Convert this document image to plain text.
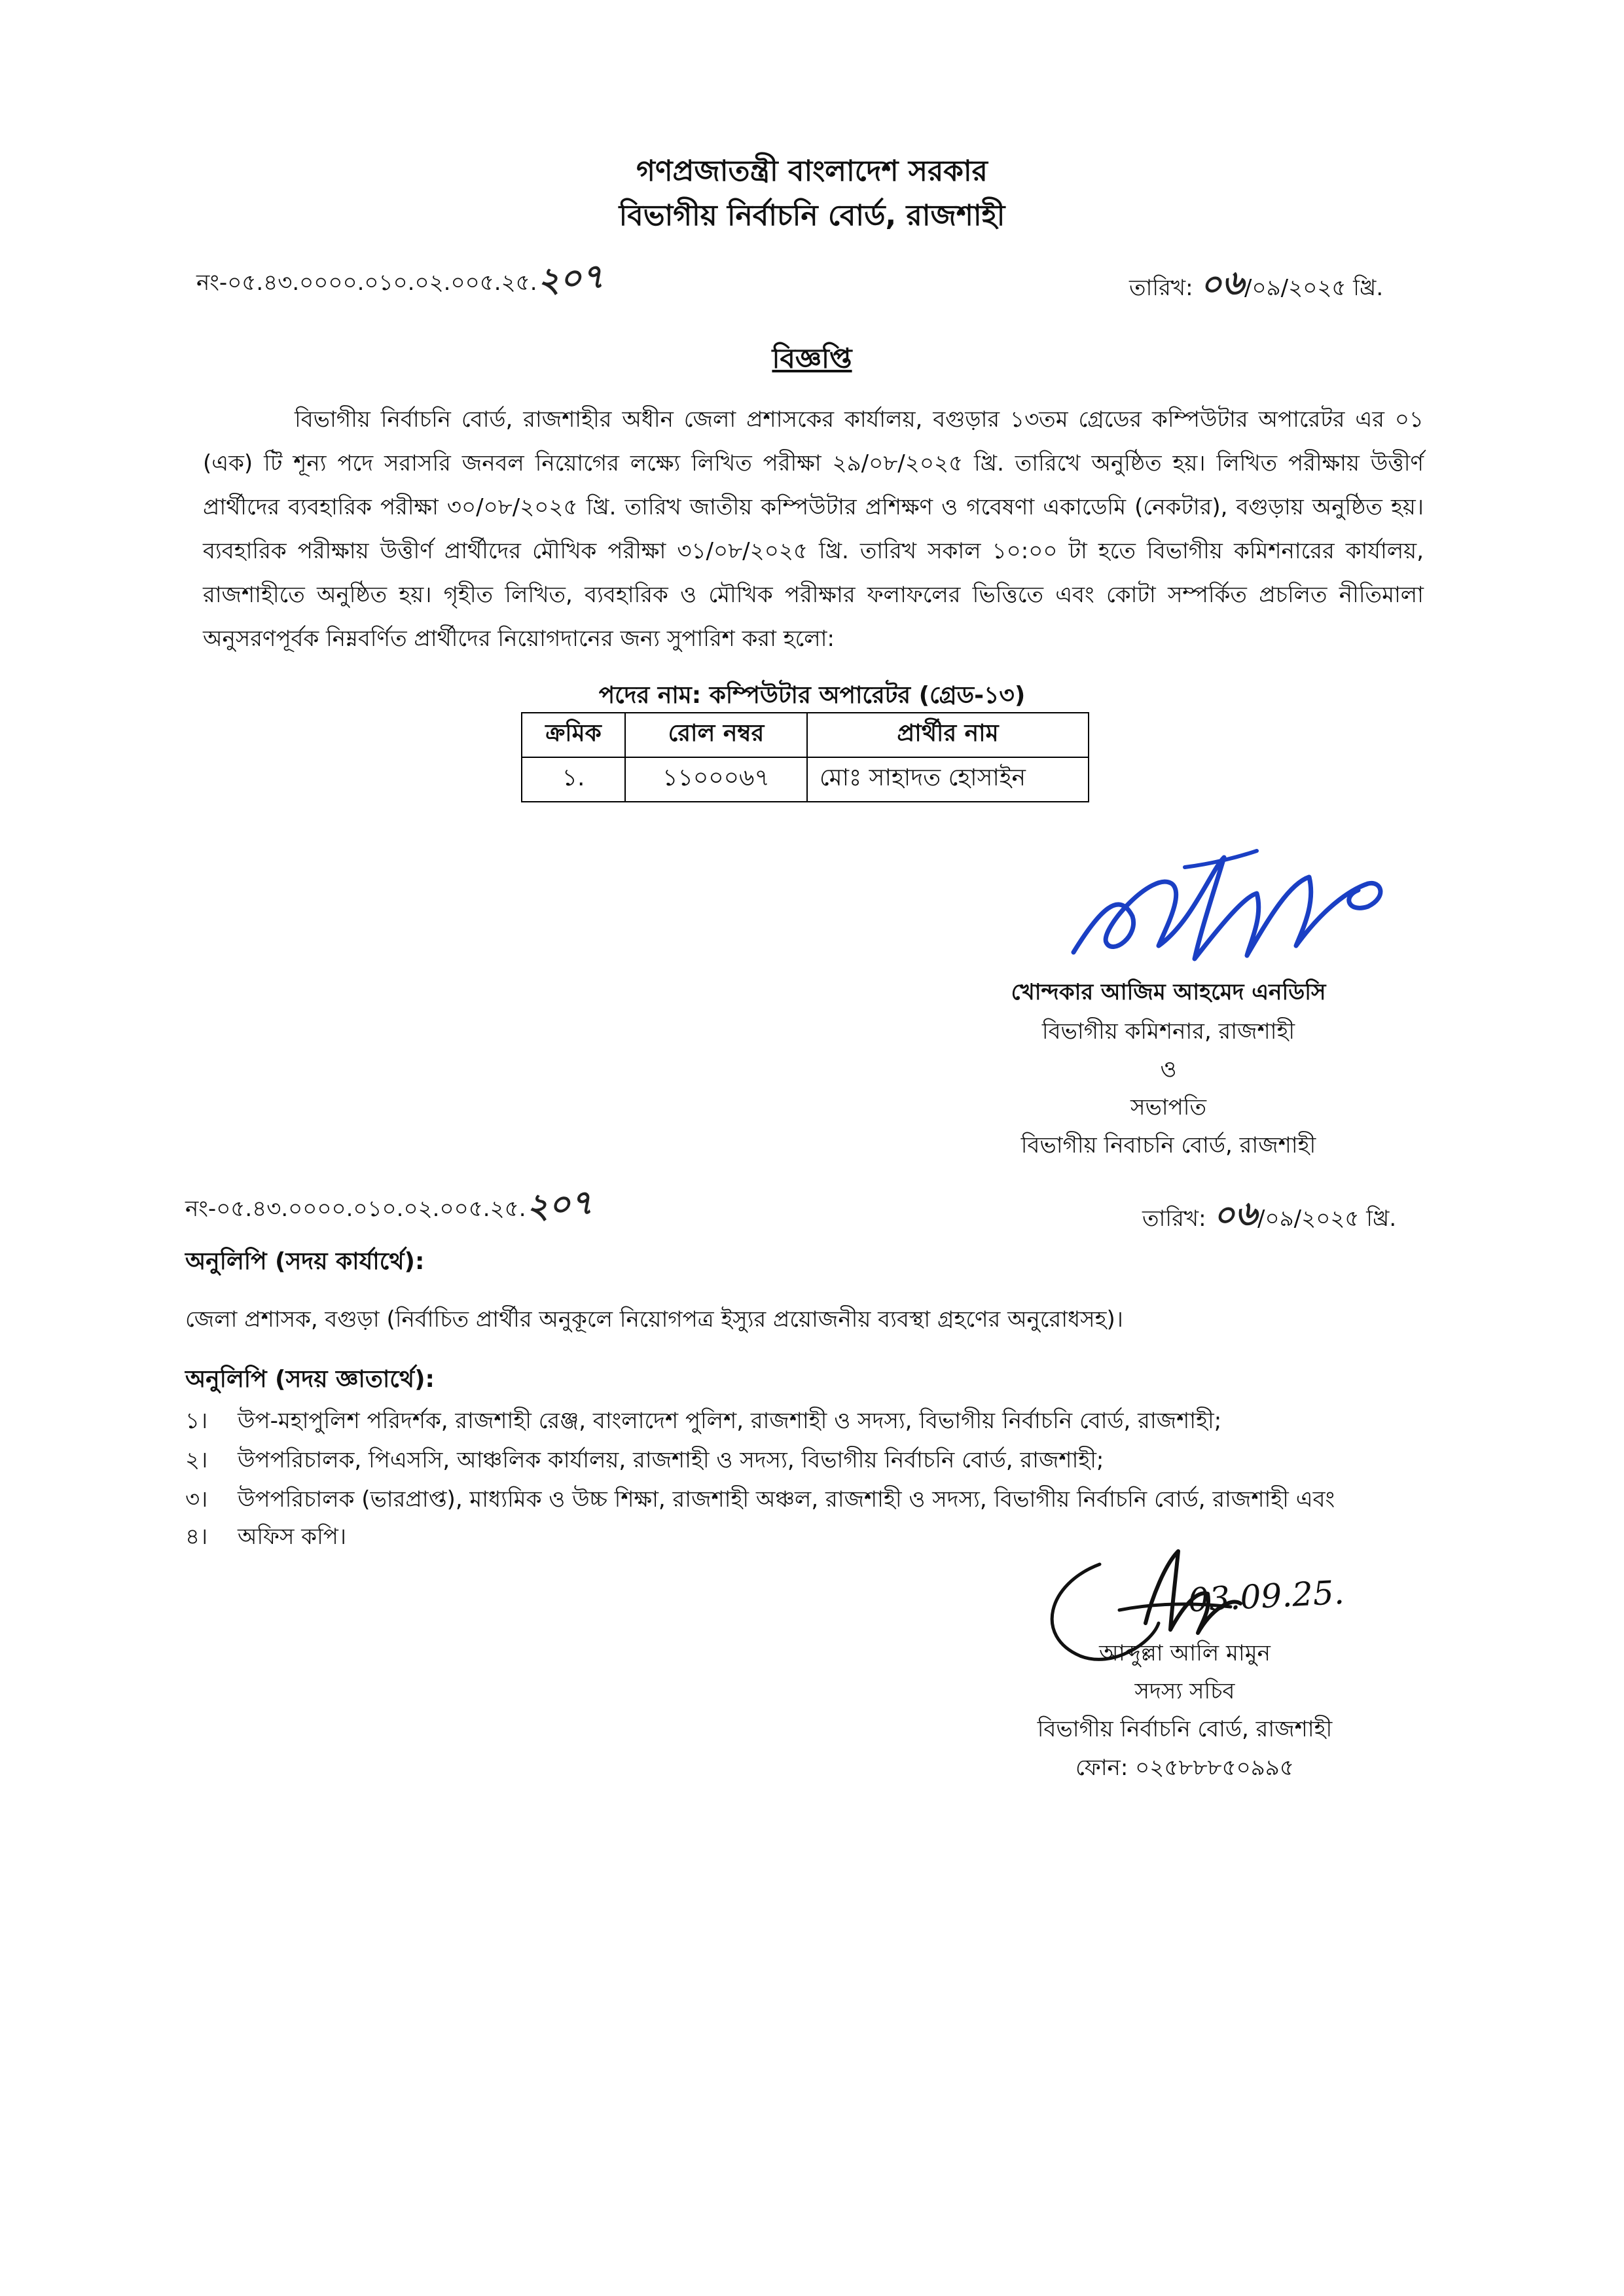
গণপ্রজাতন্ত্রী বাংলাদেশ সরকার
বিভাগীয় নির্বাচনি বোর্ড, রাজশাহী
নং-০৫.৪৩.০০০০.০১০.০২.০০৫.২৫.২০৭	তারিখ: ০৬/০৯/২০২৫ খ্রি.
বিজ্ঞপ্তি
বিভাগীয় নির্বাচনি বোর্ড, রাজশাহীর অধীন জেলা প্রশাসকের কার্যালয়, বগুড়ার ১৩তম গ্রেডের কম্পিউটার অপারেটর এর ০১ (এক) টি শূন্য পদে সরাসরি জনবল নিয়োগের লক্ষ্যে লিখিত পরীক্ষা ২৯/০৮/২০২৫ খ্রি. তারিখে অনুষ্ঠিত হয়। লিখিত পরীক্ষায় উত্তীর্ণ প্রার্থীদের ব্যবহারিক পরীক্ষা ৩০/০৮/২০২৫ খ্রি. তারিখ জাতীয় কম্পিউটার প্রশিক্ষণ ও গবেষণা একাডেমি (নেকটার), বগুড়ায় অনুষ্ঠিত হয়। ব্যবহারিক পরীক্ষায় উত্তীর্ণ প্রার্থীদের মৌখিক পরীক্ষা ৩১/০৮/২০২৫ খ্রি. তারিখ সকাল ১০:০০ টা হতে বিভাগীয় কমিশনারের কার্যালয়, রাজশাহীতে অনুষ্ঠিত হয়। গৃহীত লিখিত, ব্যবহারিক ও মৌখিক পরীক্ষার ফলাফলের ভিত্তিতে এবং কোটা সম্পর্কিত প্রচলিত নীতিমালা অনুসরণপূর্বক নিম্নবর্ণিত প্রার্থীদের নিয়োগদানের জন্য সুপারিশ করা হলো:
পদের নাম: কম্পিউটার অপারেটর (গ্রেড-১৩)
ক্রমিক	রোল নম্বর	প্রার্থীর নাম
১.	১১০০০৬৭	মোঃ সাহাদত হোসাইন
খোন্দকার আজিম আহমেদ এনডিসি
বিভাগীয় কমিশনার, রাজশাহী
ও
সভাপতি
বিভাগীয় নিবাচনি বোর্ড, রাজশাহী
নং-০৫.৪৩.০০০০.০১০.০২.০০৫.২৫.২০৭	তারিখ: ০৬/০৯/২০২৫ খ্রি.
অনুলিপি (সদয় কার্যার্থে):
জেলা প্রশাসক, বগুড়া (নির্বাচিত প্রার্থীর অনুকূলে নিয়োগপত্র ইস্যুর প্রয়োজনীয় ব্যবস্থা গ্রহণের অনুরোধসহ)।
অনুলিপি (সদয় জ্ঞাতার্থে):
১। উপ-মহাপুলিশ পরিদর্শক, রাজশাহী রেঞ্জ, বাংলাদেশ পুলিশ, রাজশাহী ও সদস্য, বিভাগীয় নির্বাচনি বোর্ড, রাজশাহী;
২। উপপরিচালক, পিএসসি, আঞ্চলিক কার্যালয়, রাজশাহী ও সদস্য, বিভাগীয় নির্বাচনি বোর্ড, রাজশাহী;
৩। উপপরিচালক (ভারপ্রাপ্ত), মাধ্যমিক ও উচ্চ শিক্ষা, রাজশাহী অঞ্চল, রাজশাহী ও সদস্য, বিভাগীয় নির্বাচনি বোর্ড, রাজশাহী এবং
৪। অফিস কপি।
03.09.25.
আব্দুল্লা আলি মামুন
সদস্য সচিব
বিভাগীয় নির্বাচনি বোর্ড, রাজশাহী
ফোন: ০২৫৮৮৮৫০৯৯৫
